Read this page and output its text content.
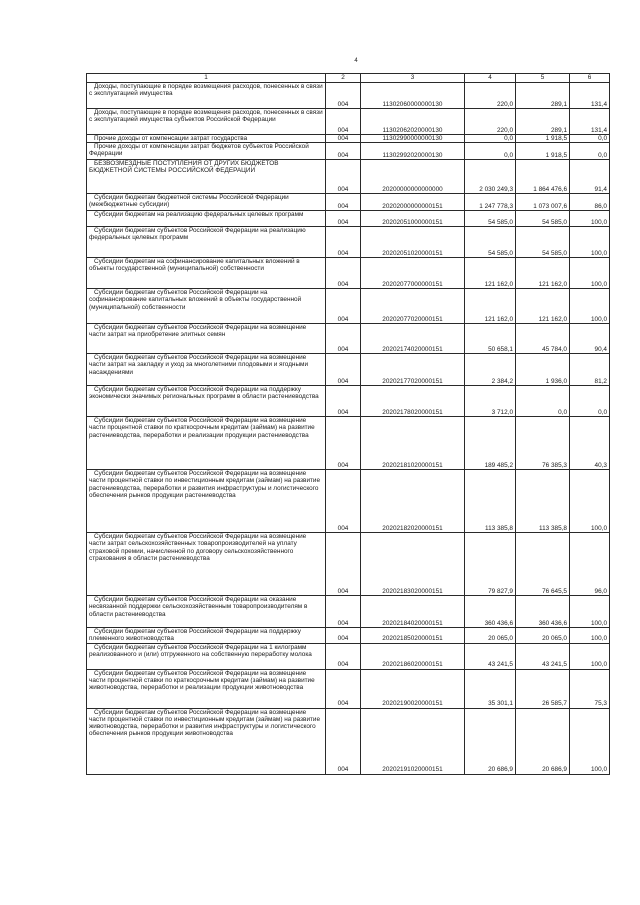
4
1	2	3	4	5	6
Доходы, поступающие в порядке возмещения расходов, понесенных в связи с эксплуатацией имущества	004	11302060000000130	220,0	289,1	131,4
Доходы, поступающие в порядке возмещения расходов, понесенных в связи с эксплуатацией имущества субъектов Российской Федерации	004	11302062020000130	220,0	289,1	131,4
Прочие доходы от компенсации затрат государства	004	11302990000000130	0,0	1 918,5	0,0
Прочие доходы от компенсации затрат бюджетов субъектов Российской Федерации	004	11302992020000130	0,0	1 918,5	0,0
БЕЗВОЗМЕЗДНЫЕ ПОСТУПЛЕНИЯ ОТ ДРУГИХ БЮДЖЕТОВ БЮДЖЕТНОЙ СИСТЕМЫ РОССИЙСКОЙ ФЕДЕРАЦИИ	004	20200000000000000	2 030 249,3	1 864 476,6	91,4
Субсидии бюджетам бюджетной системы Российской Федерации (межбюджетные субсидии)	004	20202000000000151	1 247 778,3	1 073 007,6	86,0
Субсидии бюджетам на реализацию федеральных целевых программ	004	20202051000000151	54 585,0	54 585,0	100,0
Субсидии бюджетам субъектов Российской Федерации на реализацию федеральных целевых программ	004	20202051020000151	54 585,0	54 585,0	100,0
Субсидии бюджетам на софинансирование капитальных вложений в объекты государственной (муниципальной) собственности	004	20202077000000151	121 162,0	121 162,0	100,0
Субсидии бюджетам субъектов Российской Федерации на софинансирование капитальных вложений в объекты государственной (муниципальной) собственности	004	20202077020000151	121 162,0	121 162,0	100,0
Субсидии бюджетам субъектов Российской Федерации на возмещение части затрат на приобретение элитных семян	004	20202174020000151	50 658,1	45 784,0	90,4
Субсидии бюджетам субъектов Российской Федерации на возмещение части затрат на закладку и уход за многолетними плодовыми и ягодными насаждениями	004	20202177020000151	2 384,2	1 936,0	81,2
Субсидии бюджетам субъектов Российской Федерации на поддержку экономически значимых региональных программ в области растениеводства	004	20202178020000151	3 712,0	0,0	0,0
Субсидии бюджетам субъектов Российской Федерации на возмещение части процентной ставки по краткосрочным кредитам (займам) на развитие растениеводства, переработки и реализации продукции растениеводства	004	20202181020000151	189 485,2	76 385,3	40,3
Субсидии бюджетам субъектов Российской Федерации на возмещение части процентной ставки по инвестиционным кредитам (займам) на развитие растениеводства, переработки и развития инфраструктуры и логистического обеспечения рынков продукции растениеводства	004	20202182020000151	113 385,8	113 385,8	100,0
Субсидии бюджетам субъектов Российской Федерации на возмещение части затрат сельскохозяйственных товаропроизводителей на уплату страховой премии, начисленной по договору сельскохозяйственного страхования в области растениеводства	004	20202183020000151	79 827,9	76 645,5	96,0
Субсидии бюджетам субъектов Российской Федерации на оказание несвязанной поддержки сельскохозяйственным товаропроизводителям в области растениеводства	004	20202184020000151	360 436,6	360 436,6	100,0
Субсидии бюджетам субъектов Российской Федерации на поддержку племенного животноводства	004	20202185020000151	20 065,0	20 065,0	100,0
Субсидии бюджетам субъектов Российской Федерации на 1 килограмм реализованного и (или) отгруженного на собственную переработку молока	004	20202186020000151	43 241,5	43 241,5	100,0
Субсидии бюджетам субъектов Российской Федерации на возмещение части процентной ставки по краткосрочным кредитам (займам) на развитие животноводства, переработки и реализации продукции животноводства	004	20202190020000151	35 301,1	26 585,7	75,3
Субсидии бюджетам субъектов Российской Федерации на возмещение части процентной ставки по инвестиционным кредитам (займам) на развитие животноводства, переработки и развития инфраструктуры и логистического обеспечения рынков продукции животноводства	004	20202191020000151	20 686,9	20 686,9	100,0
